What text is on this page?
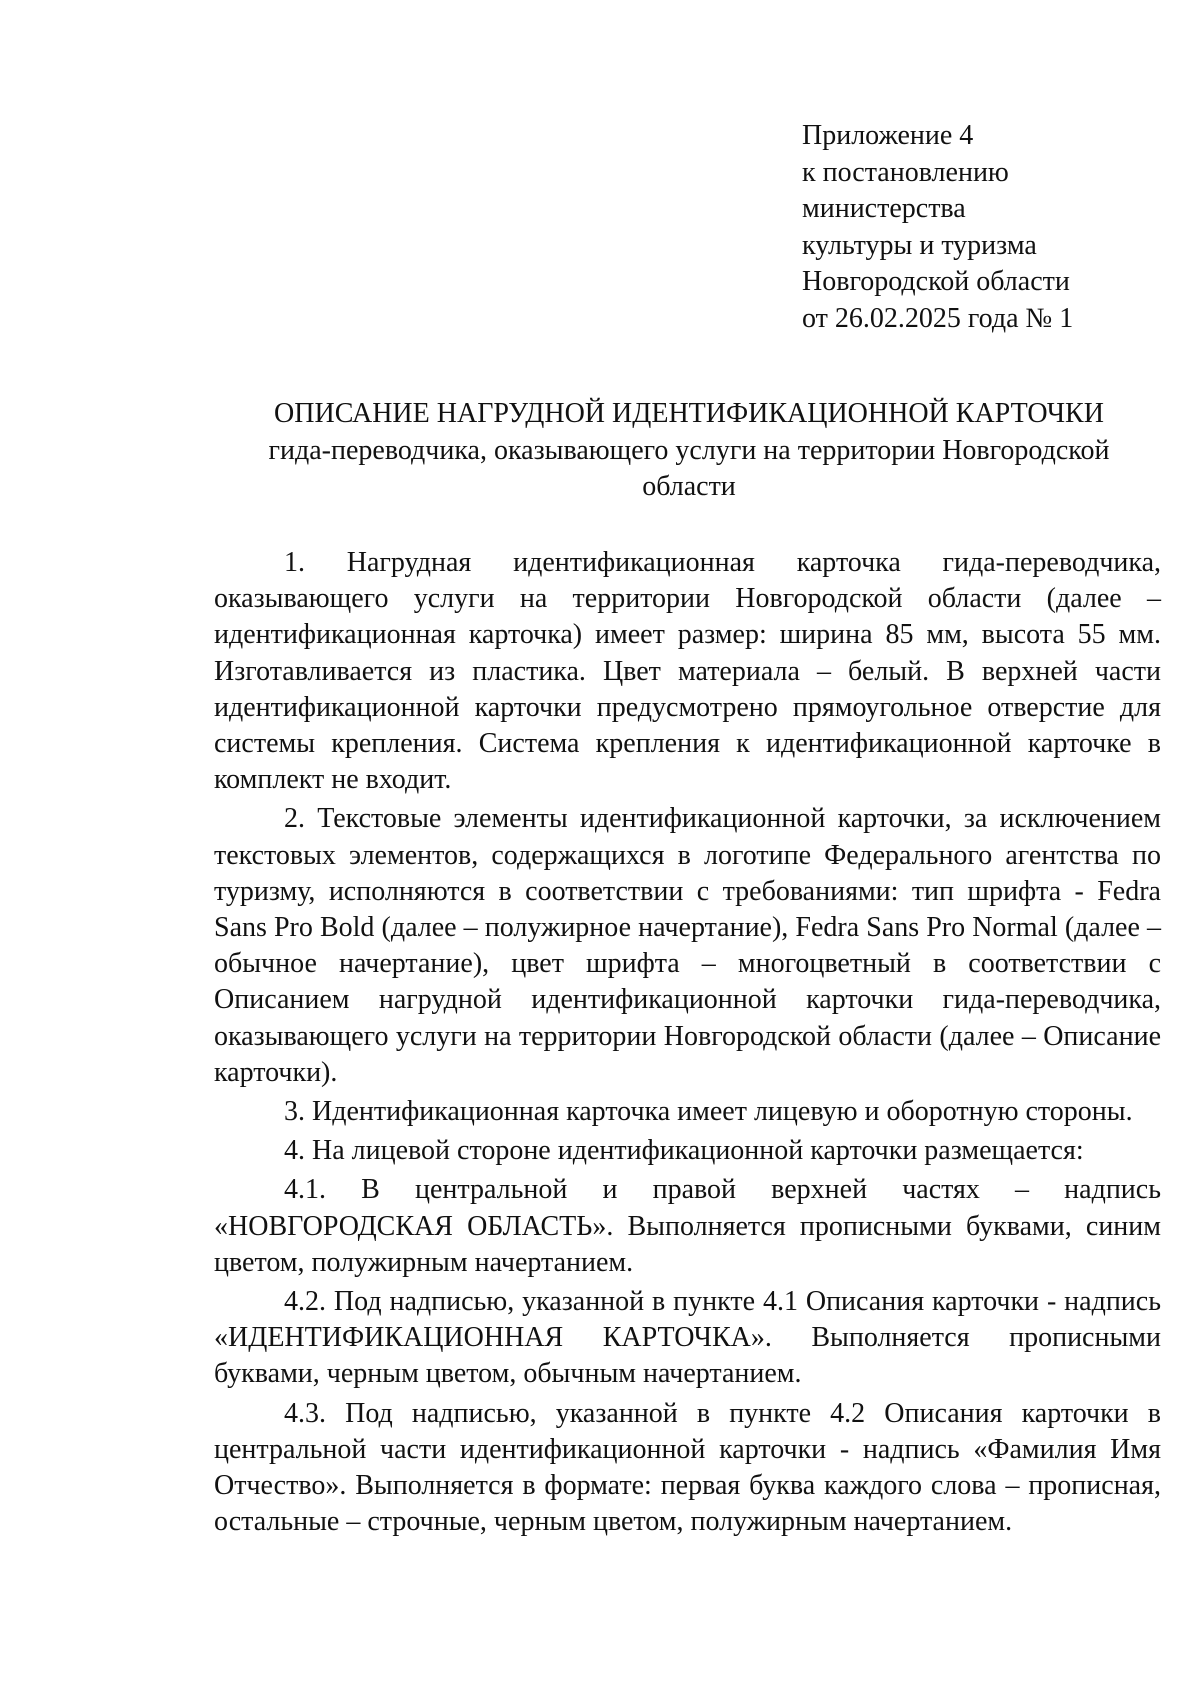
Приложение 4
к постановлению
министерства
культуры и туризма
Новгородской области
от 26.02.2025 года № 1
ОПИСАНИЕ НАГРУДНОЙ ИДЕНТИФИКАЦИОННОЙ КАРТОЧКИ
гида-переводчика, оказывающего услуги на территории Новгородской
области

1. Нагрудная идентификационная карточка гида-переводчика, оказывающего услуги на территории Новгородской области (далее – идентификационная карточка) имеет размер: ширина 85 мм, высота 55 мм. Изготавливается из пластика. Цвет материала – белый. В верхней части идентификационной карточки предусмотрено прямоугольное отверстие для системы крепления. Система крепления к идентификационной карточке в комплект не входит.

2. Текстовые элементы идентификационной карточки, за исключением текстовых элементов, содержащихся в логотипе Федерального агентства по туризму, исполняются в соответствии с требованиями: тип шрифта - Fedra Sans Pro Bold (далее – полужирное начертание), Fedra Sans Pro Normal (далее – обычное начертание), цвет шрифта – многоцветный в соответствии с Описанием нагрудной идентификационной карточки гида-переводчика, оказывающего услуги на территории Новгородской области (далее – Описание карточки).

3. Идентификационная карточка имеет лицевую и оборотную стороны.

4. На лицевой стороне идентификационной карточки размещается:

4.1. В центральной и правой верхней частях – надпись «НОВГОРОДСКАЯ ОБЛАСТЬ». Выполняется прописными буквами, синим цветом, полужирным начертанием.

4.2. Под надписью, указанной в пункте 4.1 Описания карточки - надпись «ИДЕНТИФИКАЦИОННАЯ КАРТОЧКА». Выполняется прописными буквами, черным цветом, обычным начертанием.

4.3. Под надписью, указанной в пункте 4.2 Описания карточки в центральной части идентификационной карточки - надпись «Фамилия Имя Отчество». Выполняется в формате: первая буква каждого слова – прописная, остальные – строчные, черным цветом, полужирным начертанием.
